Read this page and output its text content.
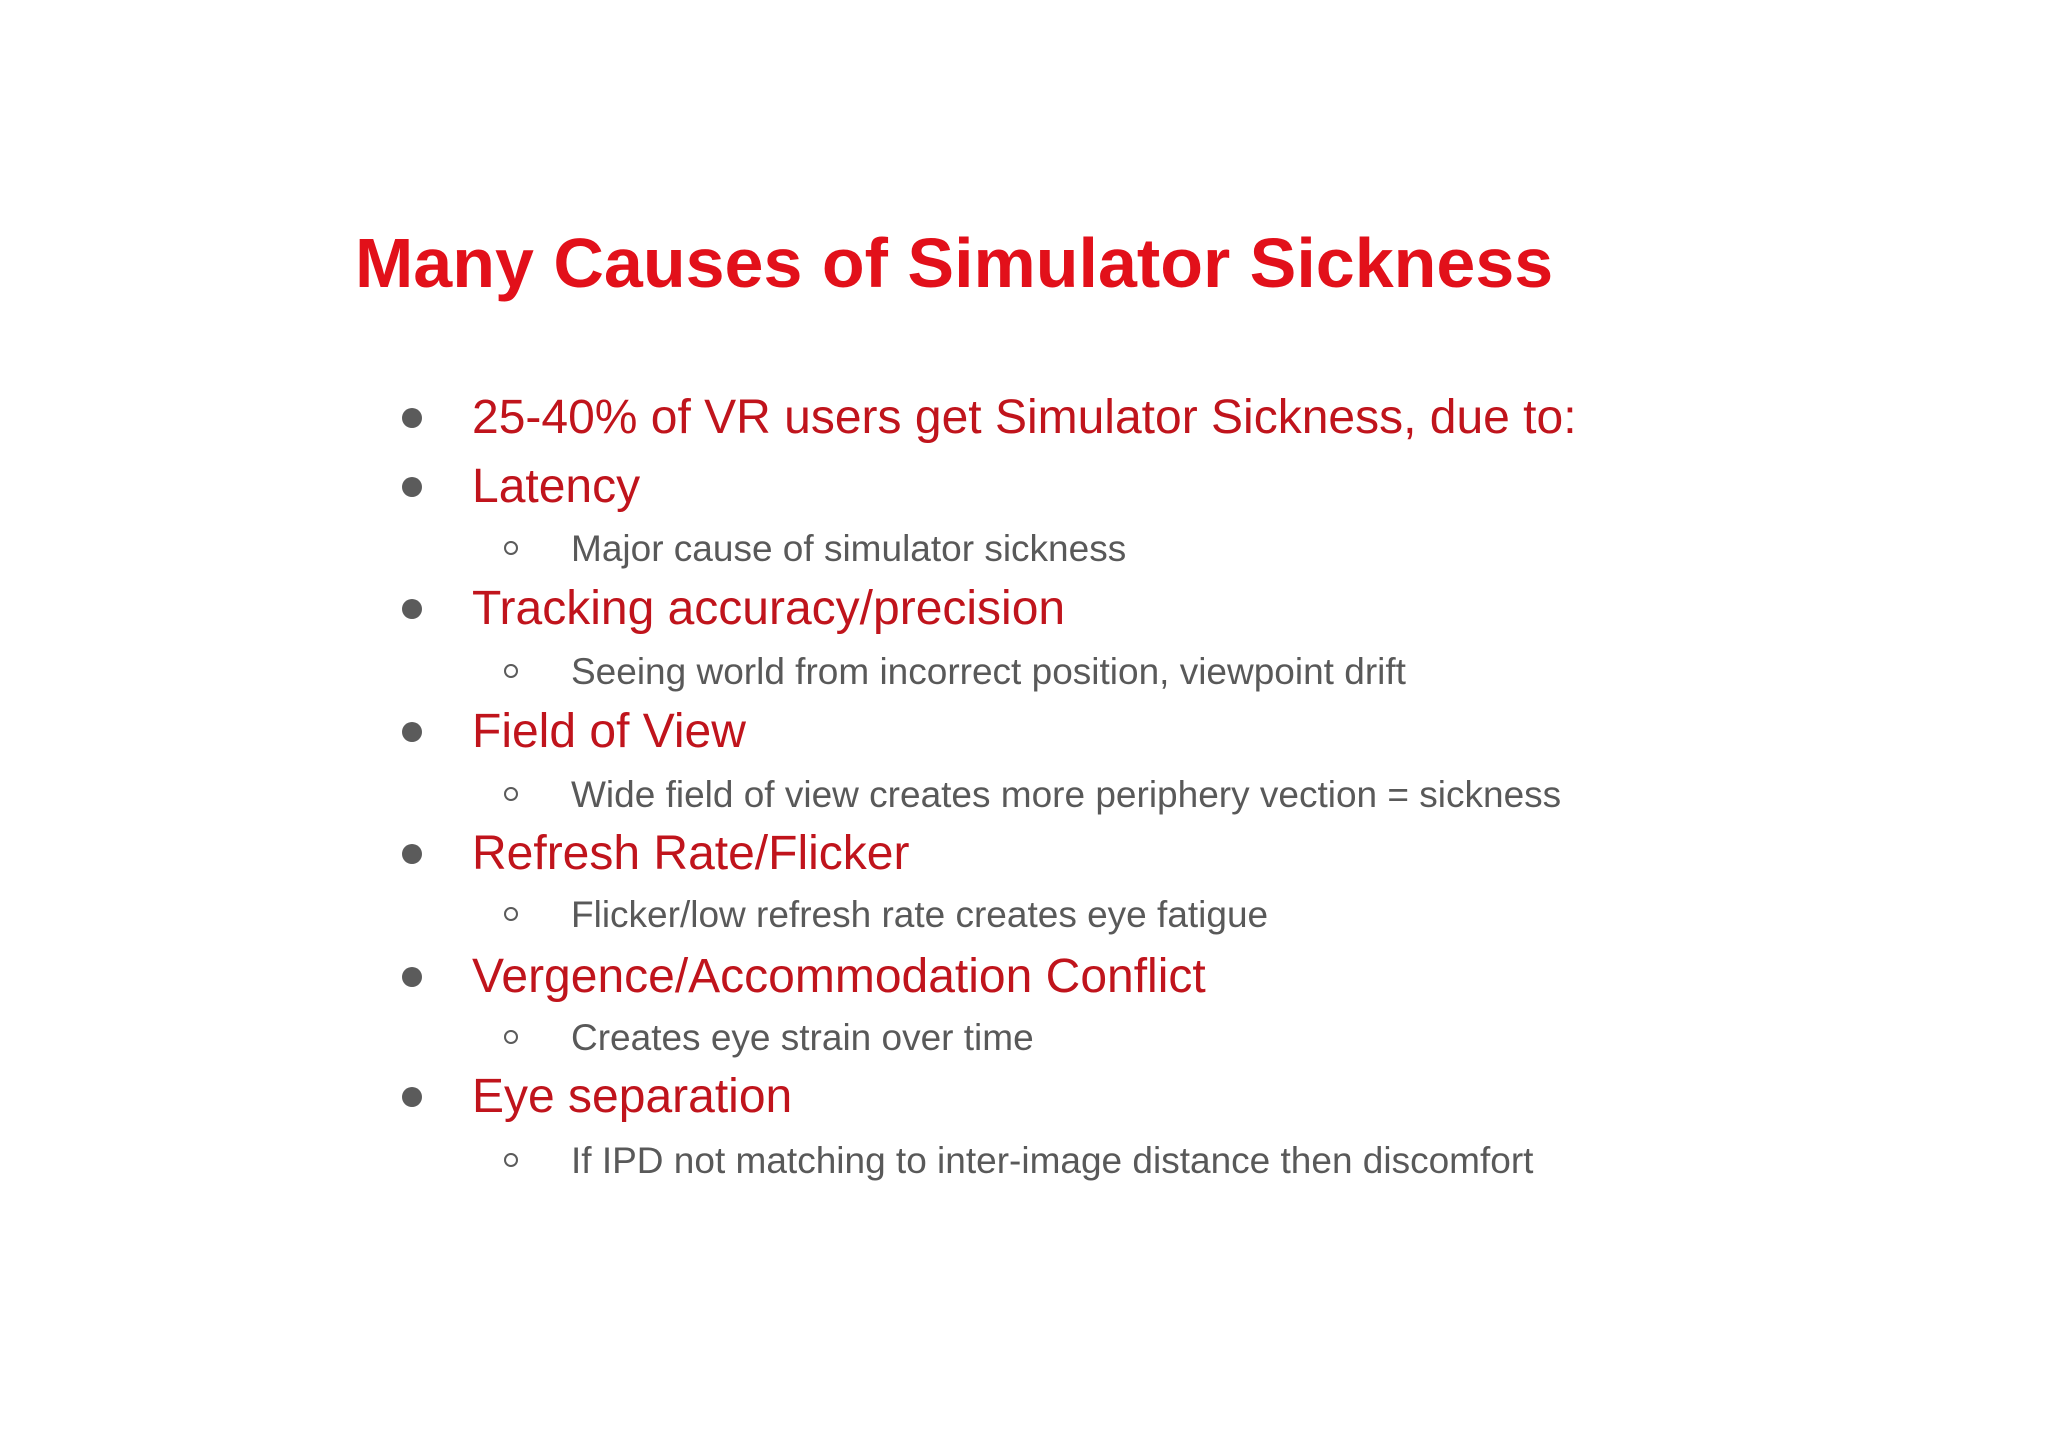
Many Causes of Simulator Sickness
25-40% of VR users get Simulator Sickness, due to:
Latency
Major cause of simulator sickness
Tracking accuracy/precision
Seeing world from incorrect position, viewpoint drift
Field of View
Wide field of view creates more periphery vection = sickness
Refresh Rate/Flicker
Flicker/low refresh rate creates eye fatigue
Vergence/Accommodation Conflict
Creates eye strain over time
Eye separation
If IPD not matching to inter-image distance then discomfort
